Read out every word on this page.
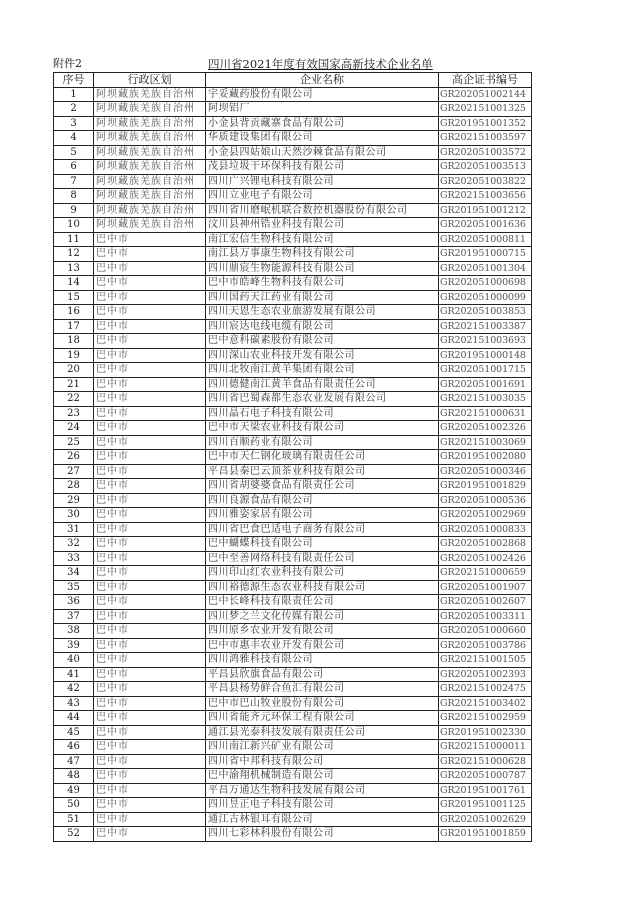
附件2	四川省2021年度有效国家高新技术企业名单
序号	行政区划	企业名称	高企证书编号
1	阿坝藏族羌族自治州	宇妥藏药股份有限公司	GR202051002144
2	阿坝藏族羌族自治州	阿坝铝厂	GR202151001325
3	阿坝藏族羌族自治州	小金县背贡藏寨食品有限公司	GR201951001352
4	阿坝藏族羌族自治州	华质建设集团有限公司	GR202151003597
5	阿坝藏族羌族自治州	小金县四姑娘山天然沙棘食品有限公司	GR202051003572
6	阿坝藏族羌族自治州	茂县垃圾干环保科技有限公司	GR202051003513
7	阿坝藏族羌族自治州	四川广兴锂电科技有限公司	GR202051003822
8	阿坝藏族羌族自治州	四川立业电子有限公司	GR202151003656
9	阿坝藏族羌族自治州	四川省川磨岷机联合数控机器股份有限公司	GR201951001212
10	阿坝藏族羌族自治州	汶川县神州锆业科技有限公司	GR202051001636
11	巴中市	南江宏信生物科技有限公司	GR202051000811
12	巴中市	南江县万事康生物科技有限公司	GR201951000715
13	巴中市	四川鼎宸生物能源科技有限公司	GR202051001304
14	巴中市	巴中市皓峰生物科技有限公司	GR202051000698
15	巴中市	四川国药天江药业有限公司	GR202051000099
16	巴中市	四川天恩生态农业旅游发展有限公司	GR202051003853
17	巴中市	四川宸达电线电缆有限公司	GR202151003387
18	巴中市	巴中意科碳素股份有限公司	GR202151003693
19	巴中市	四川深山农业科技开发有限公司	GR201951000148
20	巴中市	四川北牧南江黄羊集团有限公司	GR202051001715
21	巴中市	四川德健南江黄羊食品有限责任公司	GR202051001691
22	巴中市	四川省巴蜀森都生态农业发展有限公司	GR202151003035
23	巴中市	四川晶石电子科技有限公司	GR202151000631
24	巴中市	巴中市天梁农业科技有限公司	GR202051002326
25	巴中市	四川百顺药业有限公司	GR202151003069
26	巴中市	巴中市天仁钢化玻璃有限责任公司	GR201951002080
27	巴中市	平昌县秦巴云顶茶业科技有限公司	GR202051000346
28	巴中市	四川省胡婆婆食品有限责任公司	GR201951001829
29	巴中市	四川良源食品有限公司	GR202051000536
30	巴中市	四川雅姿家居有限公司	GR202051002969
31	巴中市	四川省巴食巴适电子商务有限公司	GR202051000833
32	巴中市	巴中蝴蝶科技有限公司	GR202051002868
33	巴中市	巴中至善网络科技有限责任公司	GR202051002426
34	巴中市	四川印山红农业科技有限公司	GR202151000659
35	巴中市	四川裕德源生态农业科技有限公司	GR202051001907
36	巴中市	巴中长峰科技有限责任公司	GR202051002607
37	巴中市	四川梦之兰文化传媒有限公司	GR202051003311
38	巴中市	四川原乡农业开发有限公司	GR202051000660
39	巴中市	巴中市惠丰农业开发有限公司	GR202051003786
40	巴中市	四川鸿雅科技有限公司	GR202151001505
41	巴中市	平昌县欣旗食品有限公司	GR202051002393
42	巴中市	平昌县杨势鲜合鱼汇有限公司	GR202151002475
43	巴中市	巴中市巴山牧业股份有限公司	GR202151003402
44	巴中市	四川省能齐元环保工程有限公司	GR202151002959
45	巴中市	通江县光泰科技发展有限责任公司	GR201951002330
46	巴中市	四川南江新兴矿业有限公司	GR202151000011
47	巴中市	四川省中邦科技有限公司	GR202151000628
48	巴中市	巴中渝翔机械制造有限公司	GR202051000787
49	巴中市	平昌万通达生物科技发展有限公司	GR201951001761
50	巴中市	四川昱正电子科技有限公司	GR201951001125
51	巴中市	通江古林银耳有限公司	GR202051002629
52	巴中市	四川七彩林科股份有限公司	GR201951001859
